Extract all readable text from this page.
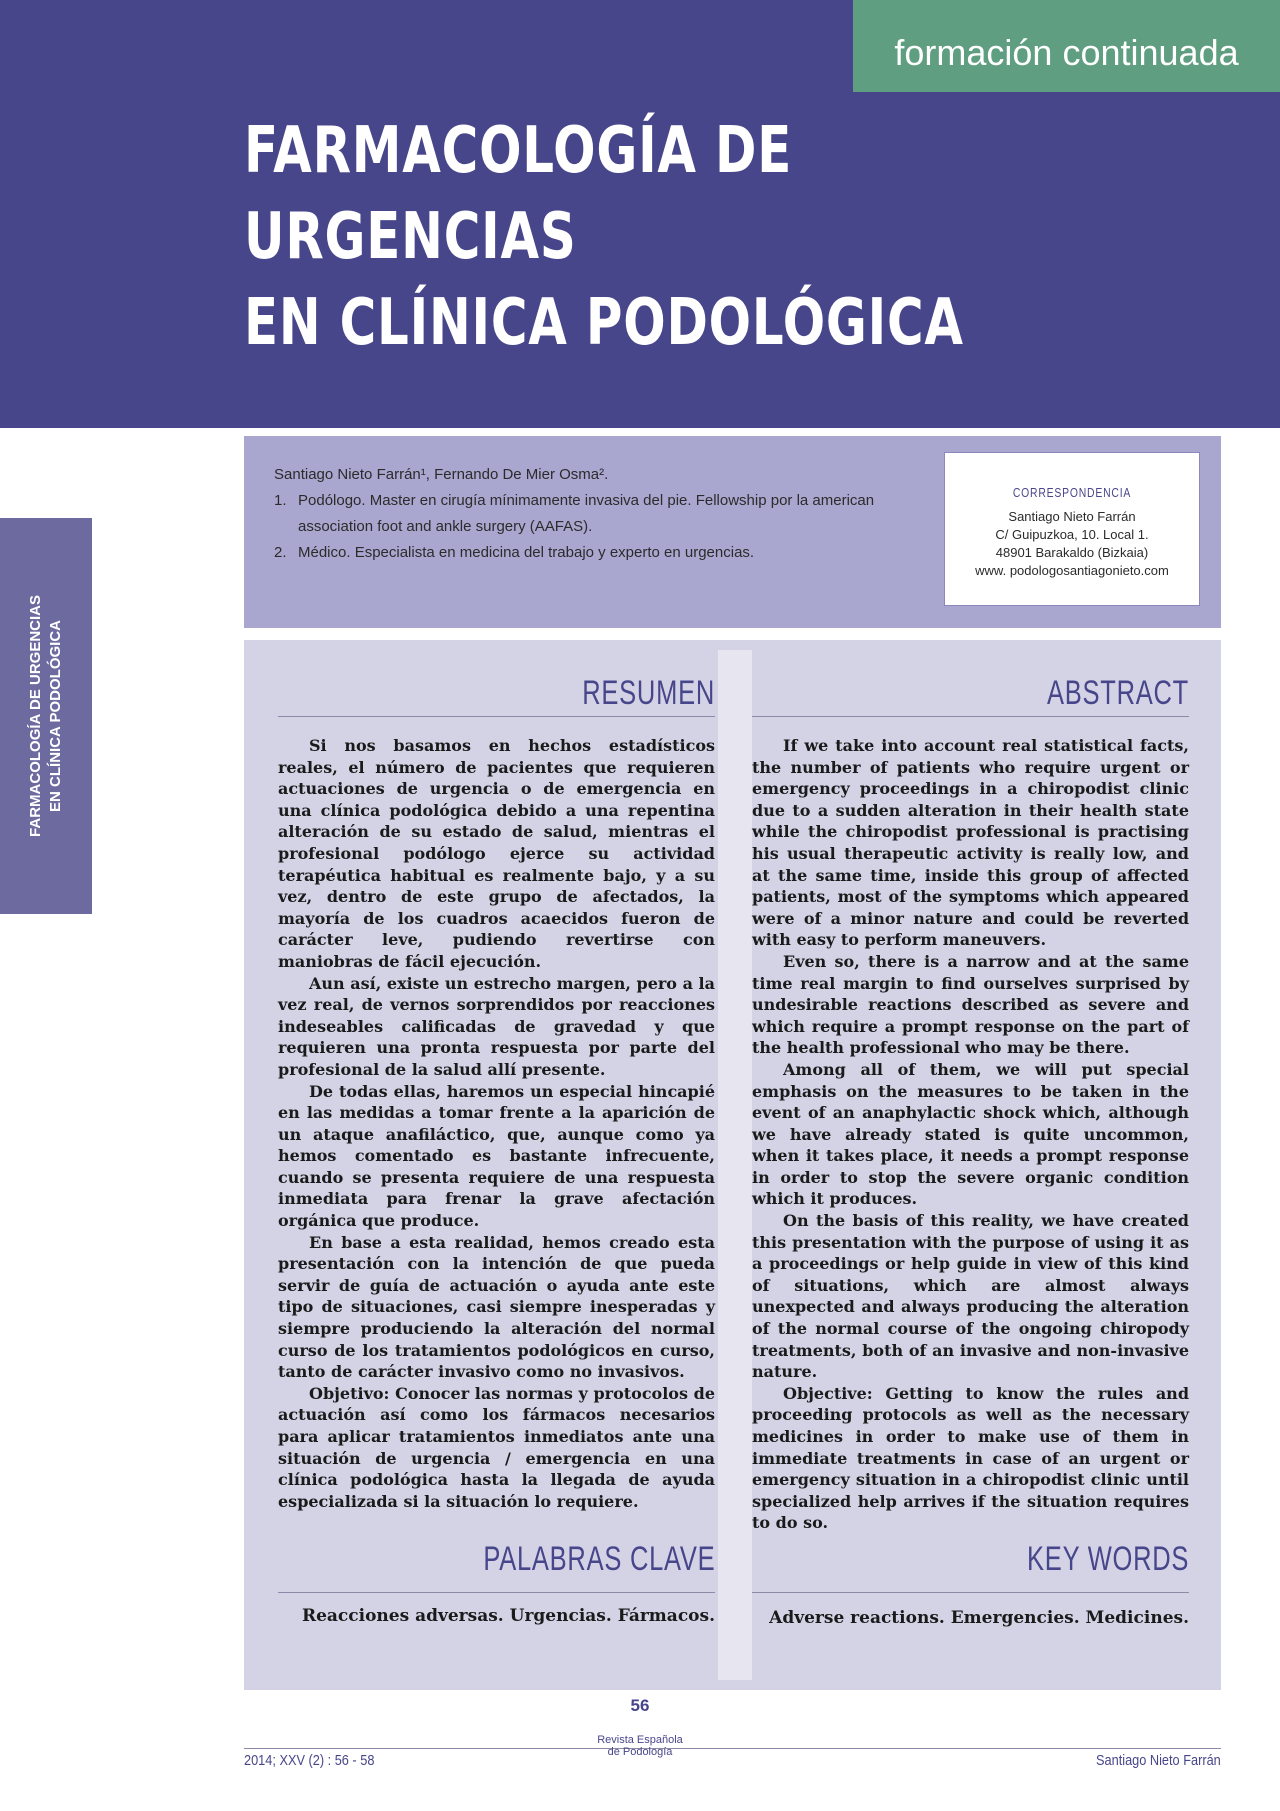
formación continuada
FARMACOLOGÍA DE URGENCIAS
EN CLÍNICA PODOLÓGICA
FARMACOLOGÍA DE URGENCIAS EN CLÍNICA PODOLÓGICA

Santiago Nieto Farrán¹, Fernando De Mier Osma².

1. Podólogo. Master en cirugía mínimamente invasiva del pie. Fellowship por la american association foot and ankle surgery (AAFAS).
2. Médico. Especialista en medicina del trabajo y experto en urgencias.
CORRESPONDENCIA
Santiago Nieto Farrán
C/ Guipuzkoa, 10. Local 1.
48901 Barakaldo (Bizkaia)
www. podologosantiagonieto.com
RESUMEN

Si nos basamos en hechos estadísticos reales, el número de pacientes que requieren actuaciones de urgencia o de emergencia en una clínica podológica debido a una repentina alteración de su estado de salud, mientras el profesional podólogo ejerce su actividad terapéutica habitual es realmente bajo, y a su vez, dentro de este grupo de afectados, la mayoría de los cuadros acaecidos fueron de carácter leve, pudiendo revertirse con maniobras de fácil ejecución.

Aun así, existe un estrecho margen, pero a la vez real, de vernos sorprendidos por reacciones indeseables calificadas de gravedad y que requieren una pronta respuesta por parte del profesional de la salud allí presente.

De todas ellas, haremos un especial hincapié en las medidas a tomar frente a la aparición de un ataque anafiláctico, que, aunque como ya hemos comentado es bastante infrecuente, cuando se presenta requiere de una respuesta inmediata para frenar la grave afectación orgánica que produce.

En base a esta realidad, hemos creado esta presentación con la intención de que pueda servir de guía de actuación o ayuda ante este tipo de situaciones, casi siempre inesperadas y siempre produciendo la alteración del normal curso de los tratamientos podológicos en curso, tanto de carácter invasivo como no invasivos.

Objetivo: Conocer las normas y protocolos de actuación así como los fármacos necesarios para aplicar tratamientos inmediatos ante una situación de urgencia / emergencia en una clínica podológica hasta la llegada de ayuda especializada si la situación lo requiere.

ABSTRACT

If we take into account real statistical facts, the number of patients who require urgent or emergency proceedings in a chiropodist clinic due to a sudden alteration in their health state while the chiropodist professional is practising his usual therapeutic activity is really low, and at the same time, inside this group of affected patients, most of the symptoms which appeared were of a minor nature and could be reverted with easy to perform maneuvers.

Even so, there is a narrow and at the same time real margin to find ourselves surprised by undesirable reactions described as severe and which require a prompt response on the part of the health professional who may be there.

Among all of them, we will put special emphasis on the measures to be taken in the event of an anaphylactic shock which, although we have already stated is quite uncommon, when it takes place, it needs a prompt response in order to stop the severe organic condition which it produces.

On the basis of this reality, we have created this presentation with the purpose of using it as a proceedings or help guide in view of this kind of situations, which are almost always unexpected and always producing the alteration of the normal course of the ongoing chiropody treatments, both of an invasive and non-invasive nature.

Objective: Getting to know the rules and proceeding protocols as well as the necessary medicines in order to make use of them in immediate treatments in case of an urgent or emergency situation in a chiropodist clinic until specialized help arrives if the situation requires to do so.

PALABRAS CLAVE
Reacciones adversas. Urgencias. Fármacos.
KEY WORDS
Adverse reactions. Emergencies. Medicines.
56
2014; XXV (2) : 56 - 58
Revista Española
de Podología	Santiago Nieto Farrán
